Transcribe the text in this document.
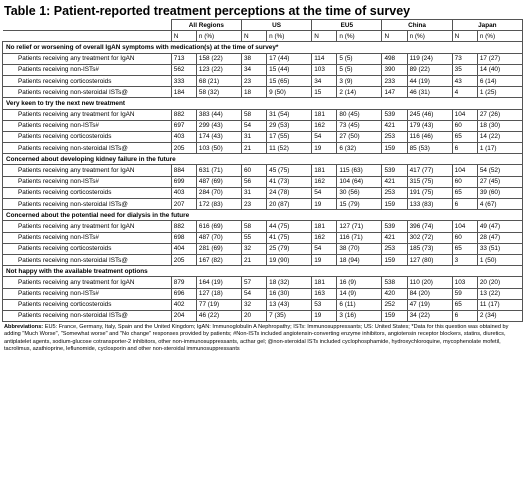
Table 1: Patient-reported treatment perceptions at the time of survey
	All Regions		US		EU5		China		Japan	
	N	n (%)	N	n (%)	N	n (%)	N	n (%)	N	n (%)
No relief or worsening of overall IgAN symptoms with medication(s) at the time of survey*										
Patients receiving any treatment for IgAN	713	158 (22)	38	17 (44)	114	5 (5)	498	119 (24)	73	17 (27)
Patients receiving non-ISTs#	562	123 (22)	34	15 (44)	103	5 (5)	390	89 (22)	35	14 (40)
Patients receiving corticosteroids	333	68 (21)	23	15 (65)	34	3 (9)	233	44 (19)	43	6 (14)
Patients receiving non-steroidal ISTs@	184	58 (32)	18	9 (50)	15	2 (14)	147	46 (31)	4	1 (25)
Very keen to try the next new treatment										
Patients receiving any treatment for IgAN	882	383 (44)	58	31 (54)	181	80 (45)	539	245 (46)	104	27 (26)
Patients receiving non-ISTs#	697	299 (43)	54	29 (53)	162	73 (45)	421	179 (43)	60	18 (30)
Patients receiving corticosteroids	403	174 (43)	31	17 (55)	54	27 (50)	253	116 (46)	65	14 (22)
Patients receiving non-steroidal ISTs@	205	103 (50)	21	11 (52)	19	6 (32)	159	85 (53)	6	1 (17)
Concerned about developing kidney failure in the future										
Patients receiving any treatment for IgAN	884	631 (71)	60	45 (75)	181	115 (63)	539	417 (77)	104	54 (52)
Patients receiving non-ISTs#	699	487 (69)	56	41 (73)	162	104 (64)	421	315 (75)	60	27 (45)
Patients receiving corticosteroids	403	284 (70)	31	24 (78)	54	30 (56)	253	191 (75)	65	39 (60)
Patients receiving non-steroidal ISTs@	207	172 (83)	23	20 (87)	19	15 (79)	159	133 (83)	6	4 (67)
Concerned about the potential need for dialysis in the future										
Patients receiving any treatment for IgAN	882	616 (69)	58	44 (75)	181	127 (71)	539	396 (74)	104	49 (47)
Patients receiving non-ISTs#	698	487 (70)	55	41 (75)	162	116 (71)	421	302 (72)	60	28 (47)
Patients receiving corticosteroids	404	281 (69)	32	25 (79)	54	38 (70)	253	185 (73)	65	33 (51)
Patients receiving non-steroidal ISTs@	205	167 (82)	21	19 (90)	19	18 (94)	159	127 (80)	3	1 (50)
Not happy with the available treatment options										
Patients receiving any treatment for IgAN	879	164 (19)	57	18 (32)	181	16 (9)	538	110 (20)	103	20 (20)
Patients receiving non-ISTs#	696	127 (18)	54	16 (30)	163	14 (9)	420	84 (20)	59	13 (22)
Patients receiving corticosteroids	402	77 (19)	32	13 (43)	53	6 (11)	252	47 (19)	65	11 (17)
Patients receiving non-steroidal ISTs@	204	46 (22)	20	7 (35)	19	3 (16)	159	34 (22)	6	2 (34)
Abbreviations: EU5: France, Germany, Italy, Spain and the United Kingdom; IgAN: Immunoglobulin A Nephropathy; ISTs: Immunosuppressants; US: United States; *Data for this question was obtained by adding "Much Worse", "Somewhat worse" and "No change" responses provided by patients; #Non-ISTs included angiotensin-converting enzyme inhibitors, angiotensin receptor blockers, statins, diuretics, antiplatelet agents, sodium-glucose cotransporter-2 inhibitors, other non-immunosuppressants, acthar gel; @non-steroidal ISTs included cyclophosphamide, hydroxychloroquine, mycophenolate mofetil, tacrolimus, azathioprine, leflunomide, cyclosporin and other non-steroidal immunosuppressants
